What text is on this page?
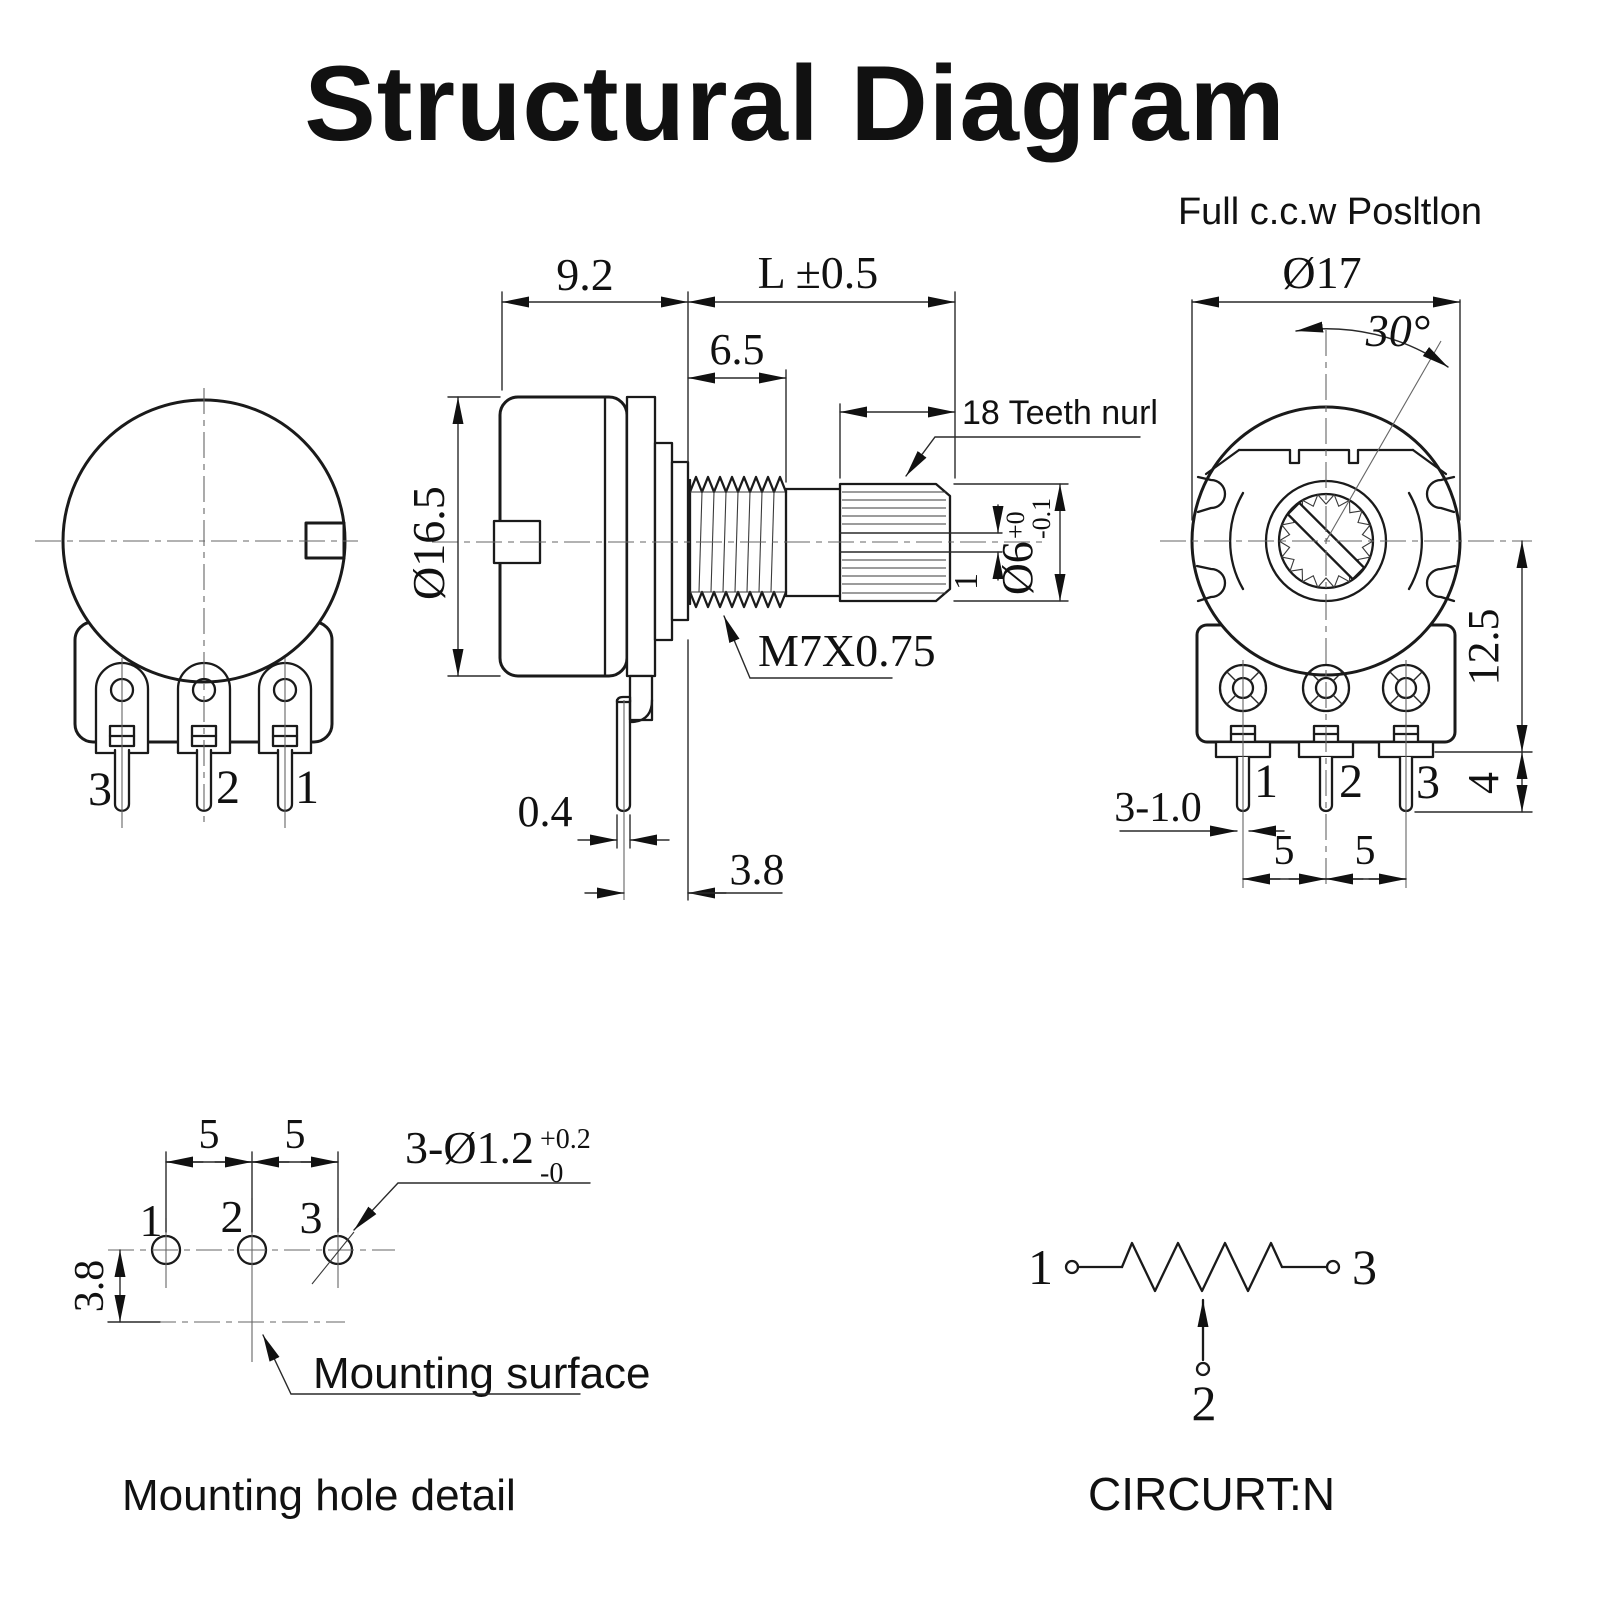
Structural Diagram
3 2 1
Ø16.5
9.2	L ±0.5
6.5
18 Teeth nurl
M7X0.75
Ø6
+0
-0.1
1
0.4
3.8
Full c.c.w Posltlon
Ø17
30°
12.5
4
5 5
3-1.0 1 2 3
5 5
3.8
3-Ø1.2 +0.2
-0
Mounting surface
1 2 3
Mounting hole detail
1	3
2
CIRCURT:N
